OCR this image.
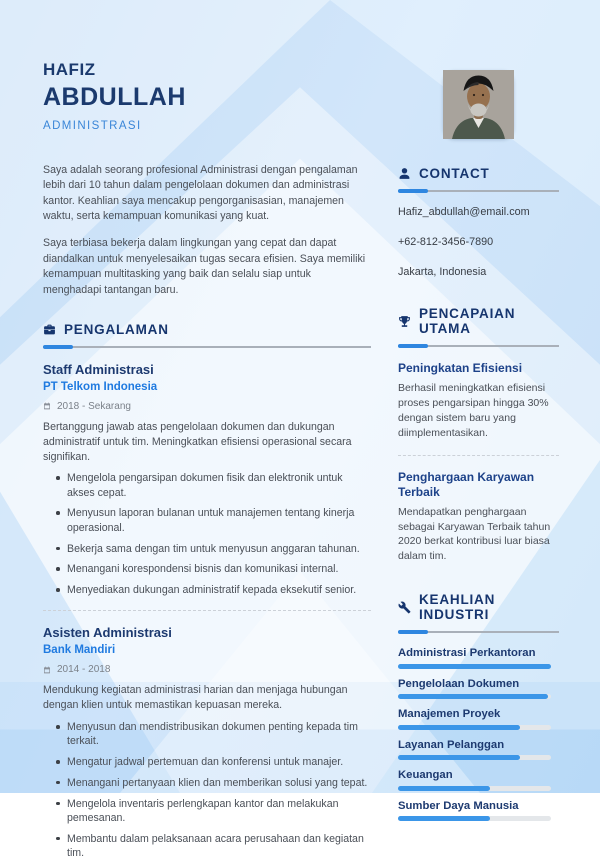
HAFIZ
ABDULLAH
ADMINISTRASI

Saya adalah seorang profesional Administrasi dengan pengalaman lebih dari 10 tahun dalam pengelolaan dokumen dan administrasi kantor. Keahlian saya mencakup pengorganisasian, manajemen waktu, serta kemampuan komunikasi yang kuat.

Saya terbiasa bekerja dalam lingkungan yang cepat dan dapat diandalkan untuk menyelesaikan tugas secara efisien. Saya memiliki kemampuan multitasking yang baik dan selalu siap untuk menghadapi tantangan baru.

PENGALAMAN
Staff Administrasi
PT Telkom Indonesia
2018 - Sekarang
Bertanggung jawab atas pengelolaan dokumen dan dukungan administratif untuk tim. Meningkatkan efisiensi operasional secara signifikan.
Mengelola pengarsipan dokumen fisik dan elektronik untuk akses cepat.
Menyusun laporan bulanan untuk manajemen tentang kinerja operasional.
Bekerja sama dengan tim untuk menyusun anggaran tahunan.
Menangani korespondensi bisnis dan komunikasi internal.
Menyediakan dukungan administratif kepada eksekutif senior.
Asisten Administrasi
Bank Mandiri
2014 - 2018
Mendukung kegiatan administrasi harian dan menjaga hubungan dengan klien untuk memastikan kepuasan mereka.
Menyusun dan mendistribusikan dokumen penting kepada tim terkait.
Mengatur jadwal pertemuan dan konferensi untuk manajer.
Menangani pertanyaan klien dan memberikan solusi yang tepat.
Mengelola inventaris perlengkapan kantor dan melakukan pemesanan.
Membantu dalam pelaksanaan acara perusahaan dan kegiatan tim.
CONTACT
Hafiz_abdullah@email.com
+62-812-3456-7890
Jakarta, Indonesia
PENCAPAIAN UTAMA
Peningkatan Efisiensi
Berhasil meningkatkan efisiensi proses pengarsipan hingga 30% dengan sistem baru yang diimplementasikan.
Penghargaan Karyawan Terbaik
Mendapatkan penghargaan sebagai Karyawan Terbaik tahun 2020 berkat kontribusi luar biasa dalam tim.
KEAHLIAN INDUSTRI
Administrasi Perkantoran
Pengelolaan Dokumen
Manajemen Proyek
Layanan Pelanggan
Keuangan
Sumber Daya Manusia
